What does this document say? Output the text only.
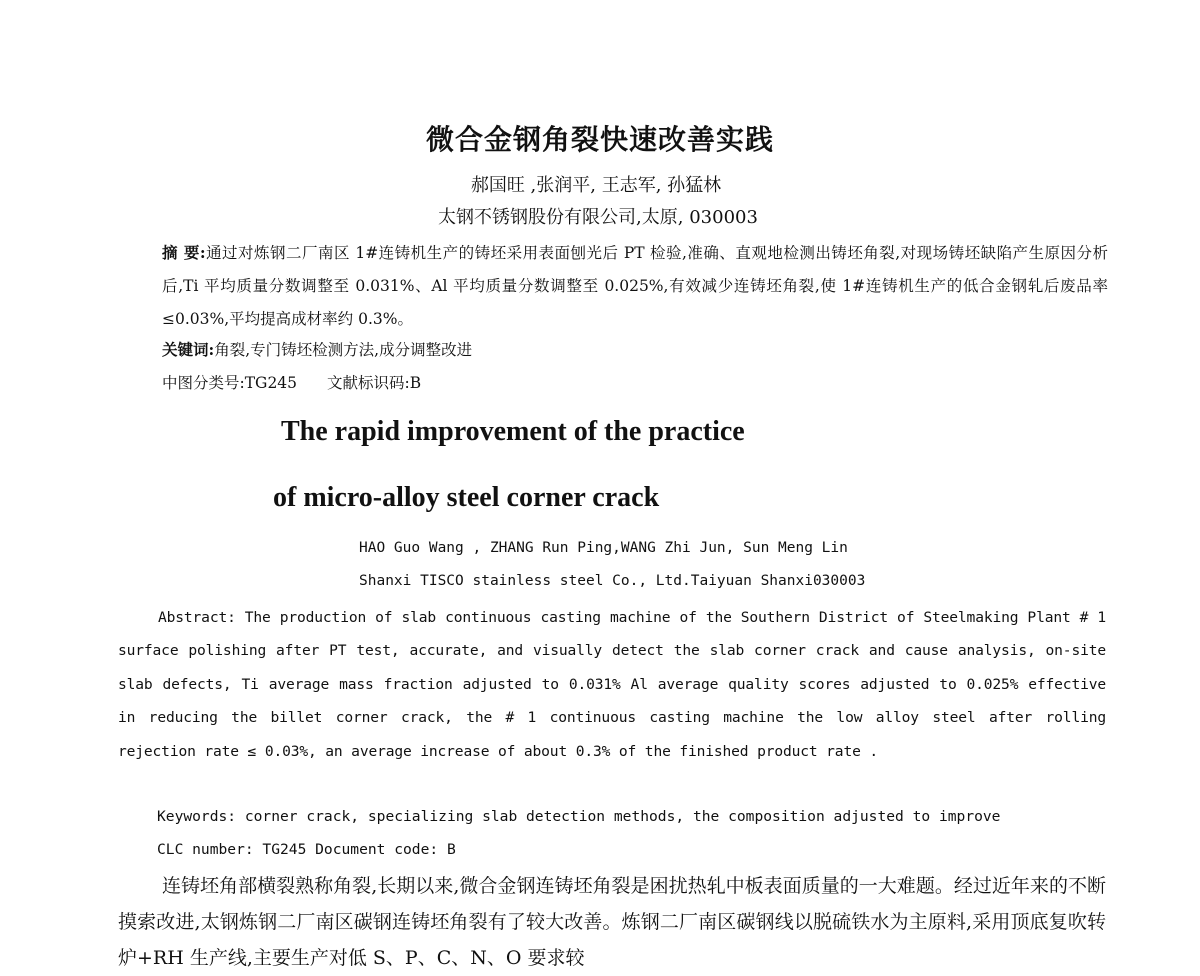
微合金钢角裂快速改善实践
郝国旺 ,张润平, 王志军, 孙猛林
太钢不锈钢股份有限公司,太原, 030003
摘 要:通过对炼钢二厂南区 1#连铸机生产的铸坯采用表面刨光后 PT 检验,准确、直观地检测出铸坯角裂,对现场铸坯缺陷产生原因分析后,Ti 平均质量分数调整至 0.031%、Al 平均质量分数调整至 0.025%,有效减少连铸坯角裂,使 1#连铸机生产的低合金钢轧后废品率≤0.03%,平均提高成材率约 0.3%。
关键词:角裂,专门铸坯检测方法,成分调整改进
中图分类号:TG245 文献标识码:B
The rapid improvement of the practice
of micro-alloy steel corner crack
HAO Guo Wang , ZHANG Run Ping,WANG Zhi Jun, Sun Meng Lin
Shanxi TISCO stainless steel Co., Ltd.Taiyuan Shanxi030003
Abstract: The production of slab continuous casting machine of the Southern District of Steelmaking Plant # 1 surface polishing after PT test, accurate, and visually detect the slab corner crack and cause analysis, on-site slab defects, Ti average mass fraction adjusted to 0.031% Al average quality scores adjusted to 0.025% effective in reducing the billet corner crack, the # 1 continuous casting machine the low alloy steel after rolling rejection rate ≤ 0.03%, an average increase of about 0.3% of the finished product rate .
Keywords: corner crack, specializing slab detection methods, the composition adjusted to improve
CLC number: TG245 Document code: B
连铸坯角部横裂熟称角裂,长期以来,微合金钢连铸坯角裂是困扰热轧中板表面质量的一大难题。经过近年来的不断摸索改进,太钢炼钢二厂南区碳钢连铸坯角裂有了较大改善。炼钢二厂南区碳钢线以脱硫铁水为主原料,采用顶底复吹转炉+RH 生产线,主要生产对低 S、P、C、N、O 要求较
